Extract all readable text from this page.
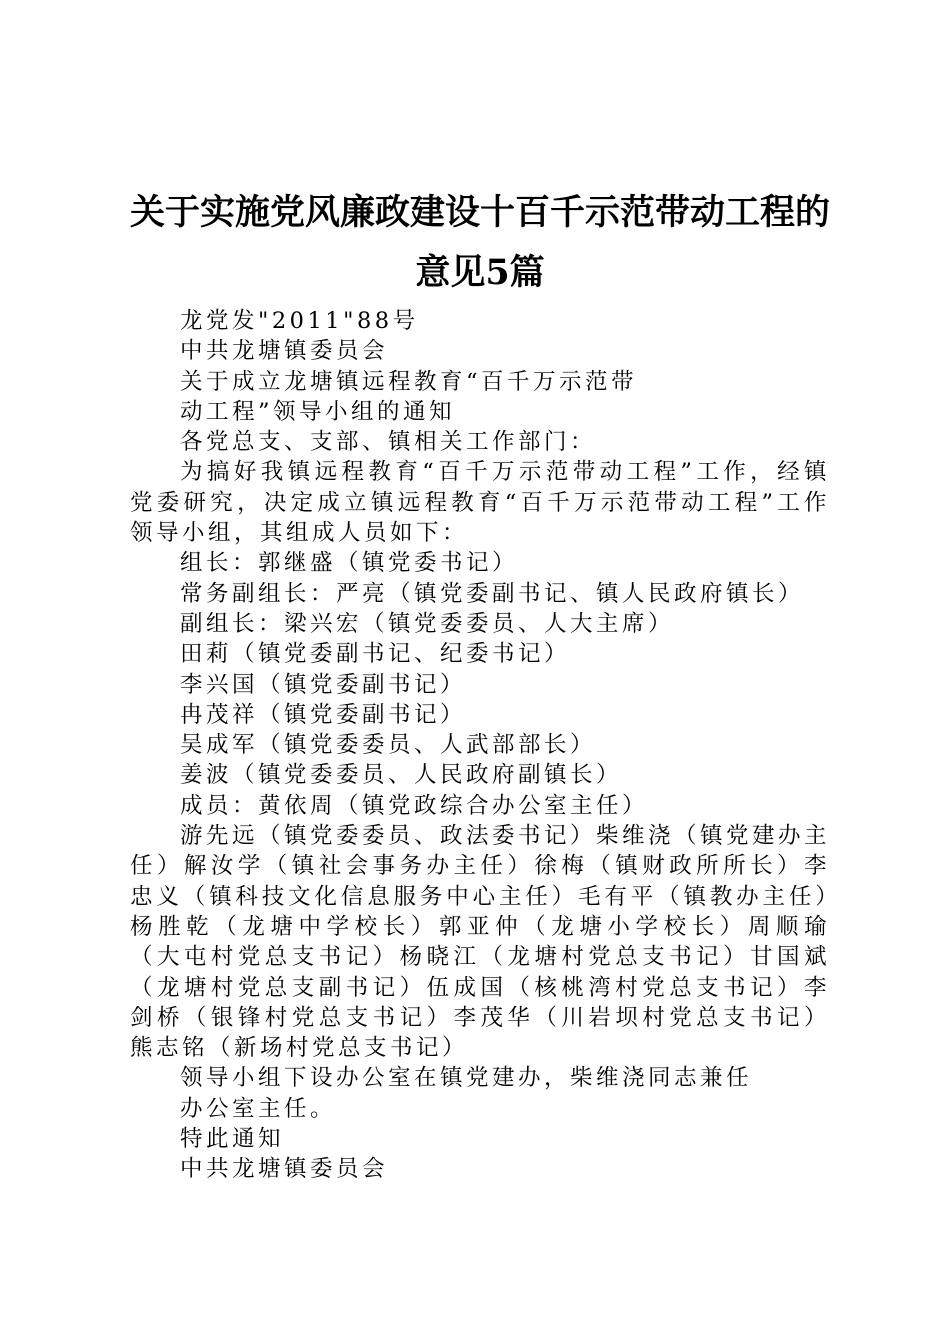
关于实施党风廉政建设十百千示范带动工程的
意见5篇

龙党发"2011"88号

中共龙塘镇委员会

关于成立龙塘镇远程教育“百千万示范带

动工程”领导小组的通知

各党总支、支部、镇相关工作部门：

为搞好我镇远程教育“百千万示范带动工程”工作，经镇党委研究，决定成立镇远程教育“百千万示范带动工程”工作领导小组，其组成人员如下：

组长：郭继盛（镇党委书记）

常务副组长：严亮（镇党委副书记、镇人民政府镇长）

副组长：梁兴宏（镇党委委员、人大主席）

田莉（镇党委副书记、纪委书记）

李兴国（镇党委副书记）

冉茂祥（镇党委副书记）

吴成军（镇党委委员、人武部部长）

姜波（镇党委委员、人民政府副镇长）

成员：黄依周（镇党政综合办公室主任）

游先远（镇党委委员、政法委书记）柴维浇（镇党建办主任）解汝学（镇社会事务办主任）徐梅（镇财政所所长）李忠义（镇科技文化信息服务中心主任）毛有平（镇教办主任）杨胜乾（龙塘中学校长）郭亚仲（龙塘小学校长）周顺瑜（大屯村党总支书记）杨晓江（龙塘村党总支书记）甘国斌（龙塘村党总支副书记）伍成国（核桃湾村党总支书记）李剑桥（银锋村党总支书记）李茂华（川岩坝村党总支书记）熊志铭（新场村党总支书记）

领导小组下设办公室在镇党建办，柴维浇同志兼任

办公室主任。

特此通知

中共龙塘镇委员会
